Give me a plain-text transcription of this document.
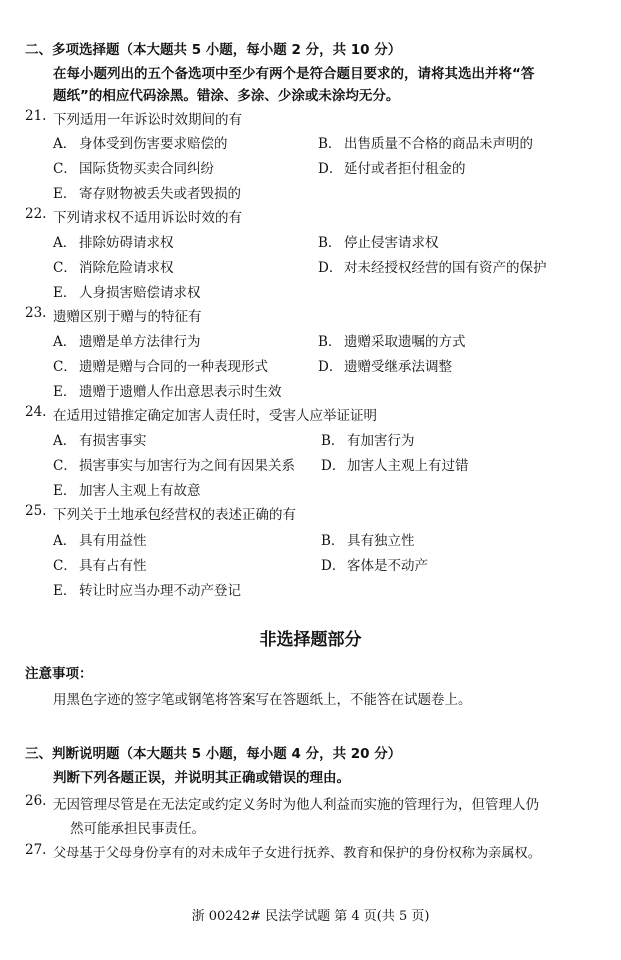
二、多项选择题（本大题共 5 小题，每小题 2 分，共 10 分）
在每小题列出的五个备选项中至少有两个是符合题目要求的，请将其选出并将“答
题纸”的相应代码涂黑。错涂、多涂、少涂或未涂均无分。
21. 下列适用一年诉讼时效期间的有
A． 身体受到伤害要求赔偿的	B． 出售质量不合格的商品未声明的
C． 国际货物买卖合同纠纷	D． 延付或者拒付租金的
E． 寄存财物被丢失或者毁损的
22. 下列请求权不适用诉讼时效的有
A． 排除妨碍请求权	B． 停止侵害请求权
C． 消除危险请求权	D． 对未经授权经营的国有资产的保护
E． 人身损害赔偿请求权
23. 遗赠区别于赠与的特征有
A． 遗赠是单方法律行为	B． 遗赠采取遗嘱的方式
C． 遗赠是赠与合同的一种表现形式	D． 遗赠受继承法调整
E． 遗赠于遗赠人作出意思表示时生效
24. 在适用过错推定确定加害人责任时，受害人应举证证明
A． 有损害事实	B． 有加害行为
C． 损害事实与加害行为之间有因果关系 D． 加害人主观上有过错
E． 加害人主观上有故意
25. 下列关于土地承包经营权的表述正确的有
A． 具有用益性	B． 具有独立性
C． 具有占有性	D． 客体是不动产
E． 转让时应当办理不动产登记
非选择题部分
注意事项：
用黑色字迹的签字笔或钢笔将答案写在答题纸上，不能答在试题卷上。
三、判断说明题（本大题共 5 小题，每小题 4 分，共 20 分）
判断下列各题正误，并说明其正确或错误的理由。
26. 无因管理尽管是在无法定或约定义务时为他人利益而实施的管理行为，但管理人仍
然可能承担民事责任。
27. 父母基于父母身份享有的对未成年子女进行抚养、教育和保护的身份权称为亲属权。
浙 00242# 民法学试题 第 4 页(共 5 页)
